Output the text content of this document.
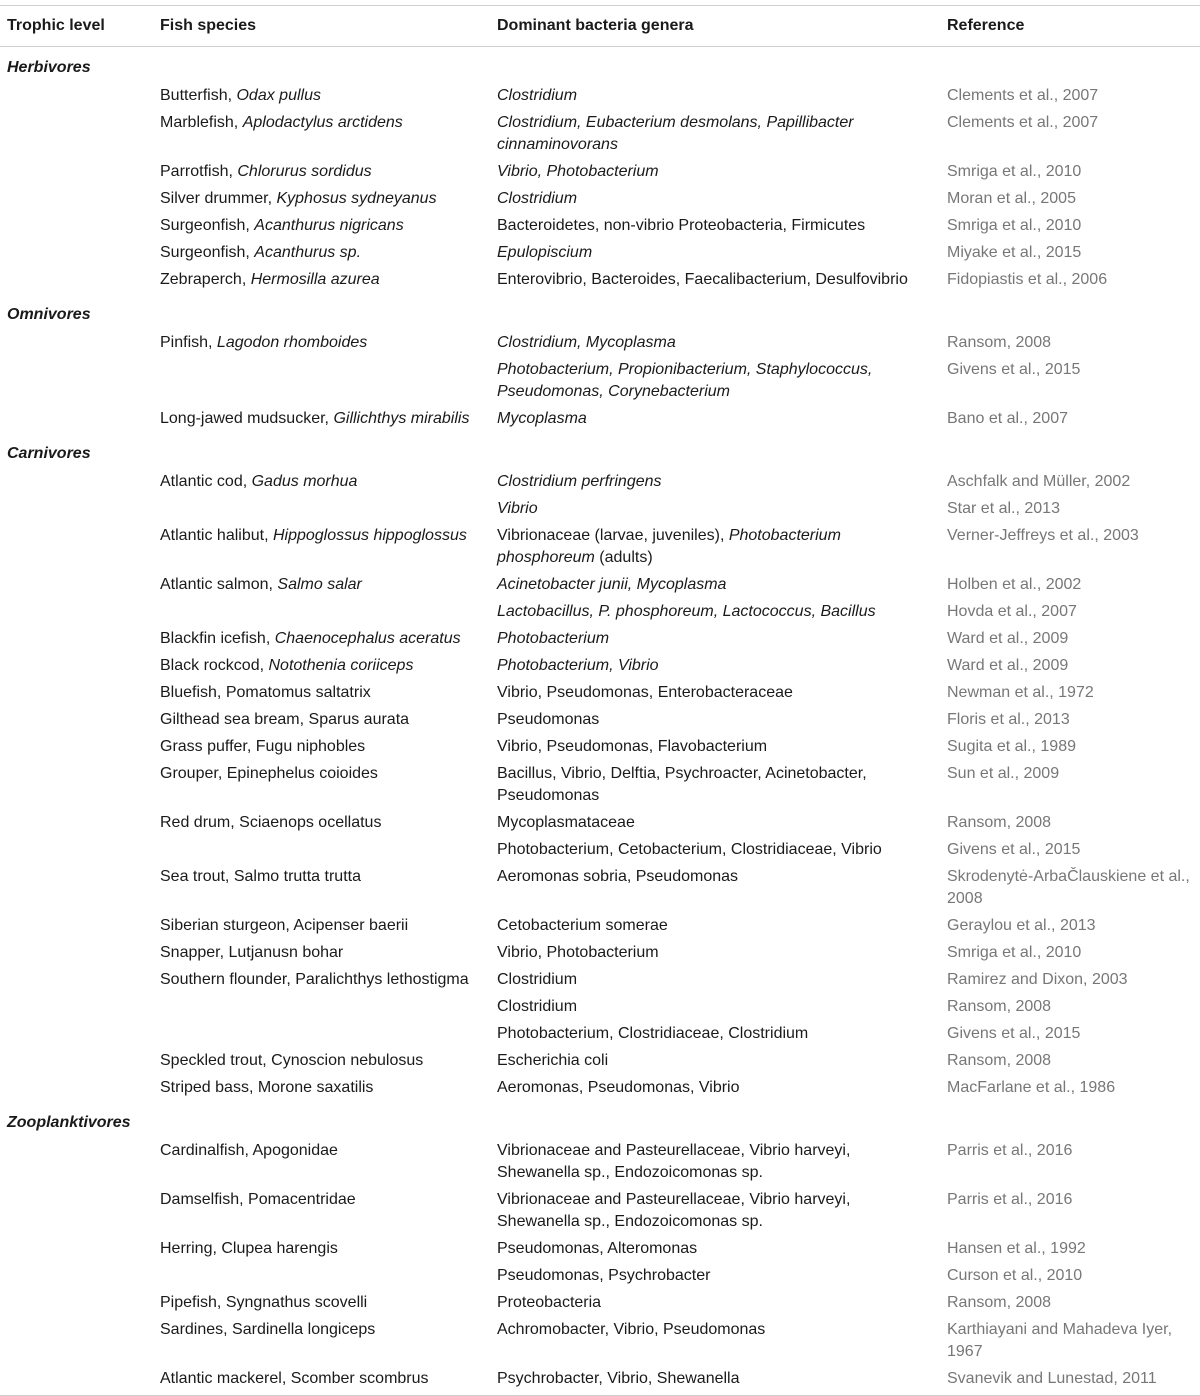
Trophic level	Fish species	Dominant bacteria genera	Reference
Herbivores			
	Butterfish, Odax pullus	Clostridium	Clements et al., 2007
	Marblefish, Aplodactylus arctidens	Clostridium, Eubacterium desmolans, Papillibacter cinnaminovorans	Clements et al., 2007
	Parrotfish, Chlorurus sordidus	Vibrio, Photobacterium	Smriga et al., 2010
	Silver drummer, Kyphosus sydneyanus	Clostridium	Moran et al., 2005
	Surgeonfish, Acanthurus nigricans	Bacteroidetes, non-vibrio Proteobacteria, Firmicutes	Smriga et al., 2010
	Surgeonfish, Acanthurus sp.	Epulopiscium	Miyake et al., 2015
	Zebraperch, Hermosilla azurea	Enterovibrio, Bacteroides, Faecalibacterium, Desulfovibrio	Fidopiastis et al., 2006
Omnivores			
	Pinfish, Lagodon rhomboides	Clostridium, Mycoplasma	Ransom, 2008
		Photobacterium, Propionibacterium, Staphylococcus, Pseudomonas, Corynebacterium	Givens et al., 2015
	Long-jawed mudsucker, Gillichthys mirabilis	Mycoplasma	Bano et al., 2007
Carnivores			
	Atlantic cod, Gadus morhua	Clostridium perfringens	Aschfalk and Müller, 2002
		Vibrio	Star et al., 2013
	Atlantic halibut, Hippoglossus hippoglossus	Vibrionaceae (larvae, juveniles), Photobacterium phosphoreum (adults)	Verner-Jeffreys et al., 2003
	Atlantic salmon, Salmo salar	Acinetobacter junii, Mycoplasma	Holben et al., 2002
		Lactobacillus, P. phosphoreum, Lactococcus, Bacillus	Hovda et al., 2007
	Blackfin icefish, Chaenocephalus aceratus	Photobacterium	Ward et al., 2009
	Black rockcod, Notothenia coriiceps	Photobacterium, Vibrio	Ward et al., 2009
	Bluefish, Pomatomus saltatrix	Vibrio, Pseudomonas, Enterobacteraceae	Newman et al., 1972
	Gilthead sea bream, Sparus aurata	Pseudomonas	Floris et al., 2013
	Grass puffer, Fugu niphobles	Vibrio, Pseudomonas, Flavobacterium	Sugita et al., 1989
	Grouper, Epinephelus coioides	Bacillus, Vibrio, Delftia, Psychroacter, Acinetobacter, Pseudomonas	Sun et al., 2009
	Red drum, Sciaenops ocellatus	Mycoplasmataceae	Ransom, 2008
		Photobacterium, Cetobacterium, Clostridiaceae, Vibrio	Givens et al., 2015
	Sea trout, Salmo trutta trutta	Aeromonas sobria, Pseudomonas	Skrodenytė-ArbaČlauskiene et al., 2008
	Siberian sturgeon, Acipenser baerii	Cetobacterium somerae	Geraylou et al., 2013
	Snapper, Lutjanusn bohar	Vibrio, Photobacterium	Smriga et al., 2010
	Southern flounder, Paralichthys lethostigma	Clostridium	Ramirez and Dixon, 2003
		Clostridium	Ransom, 2008
		Photobacterium, Clostridiaceae, Clostridium	Givens et al., 2015
	Speckled trout, Cynoscion nebulosus	Escherichia coli	Ransom, 2008
	Striped bass, Morone saxatilis	Aeromonas, Pseudomonas, Vibrio	MacFarlane et al., 1986
Zooplanktivores			
	Cardinalfish, Apogonidae	Vibrionaceae and Pasteurellaceae, Vibrio harveyi, Shewanella sp., Endozoicomonas sp.	Parris et al., 2016
	Damselfish, Pomacentridae	Vibrionaceae and Pasteurellaceae, Vibrio harveyi, Shewanella sp., Endozoicomonas sp.	Parris et al., 2016
	Herring, Clupea harengis	Pseudomonas, Alteromonas	Hansen et al., 1992
		Pseudomonas, Psychrobacter	Curson et al., 2010
	Pipefish, Syngnathus scovelli	Proteobacteria	Ransom, 2008
	Sardines, Sardinella longiceps	Achromobacter, Vibrio, Pseudomonas	Karthiayani and Mahadeva Iyer, 1967
	Atlantic mackerel, Scomber scombrus	Psychrobacter, Vibrio, Shewanella	Svanevik and Lunestad, 2011
